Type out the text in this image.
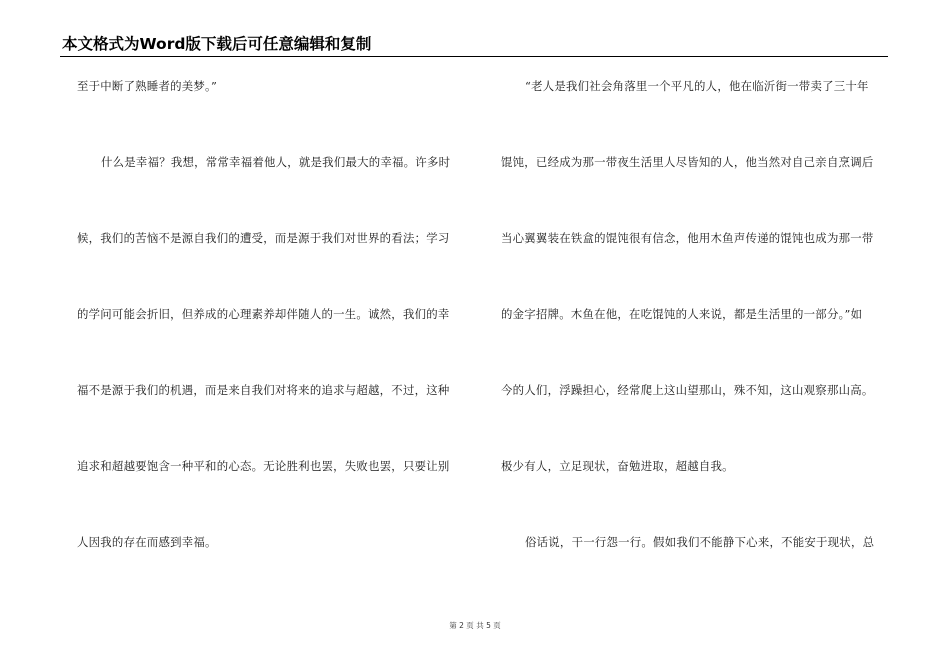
本文格式为Word版下载后可任意编辑和复制
至于中断了熟睡者的美梦。”
什么是幸福？我想，常常幸福着他人，就是我们最大的幸福。许多时
候，我们的苦恼不是源自我们的遭受，而是源于我们对世界的看法；学习
的学问可能会折旧，但养成的心理素养却伴随人的一生。诚然，我们的幸
福不是源于我们的机遇，而是来自我们对将来的追求与超越，不过，这种
追求和超越要饱含一种平和的心态。无论胜利也罢，失败也罢，只要让别
人因我的存在而感到幸福。
“老人是我们社会角落里一个平凡的人，他在临沂街一带卖了三十年
馄饨，已经成为那一带夜生活里人尽皆知的人，他当然对自己亲自烹调后
当心翼翼装在铁盒的馄饨很有信念，他用木鱼声传递的馄饨也成为那一带
的金字招牌。木鱼在他，在吃馄饨的人来说，都是生活里的一部分。”如
今的人们，浮躁担心，经常爬上这山望那山，殊不知，这山观察那山高。
极少有人，立足现状，奋勉进取，超越自我。
俗话说，干一行怨一行。假如我们不能静下心来，不能安于现状，总
第 2 页 共 5 页
